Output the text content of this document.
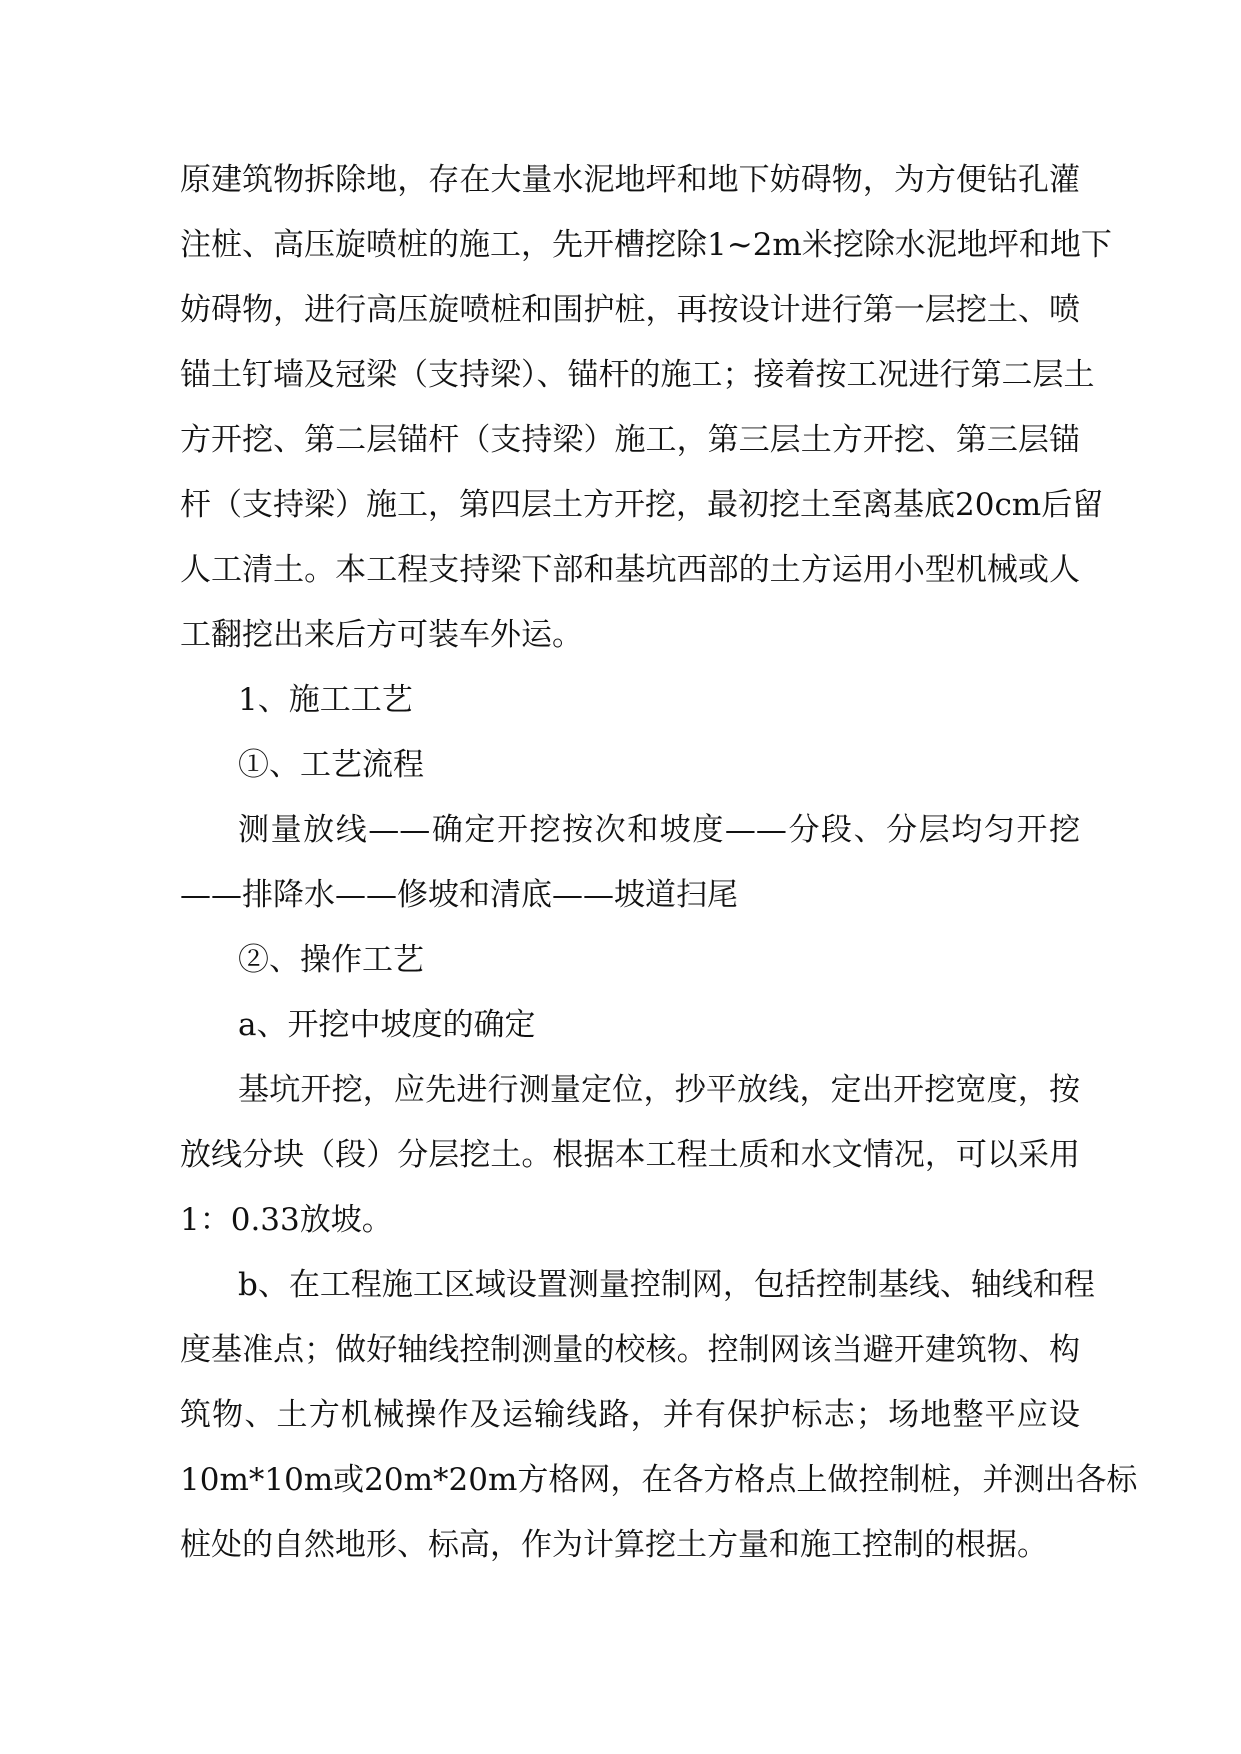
原建筑物拆除地，存在大量水泥地坪和地下妨碍物，为方便钻孔灌
注桩、高压旋喷桩的施工，先开槽挖除1~2m米挖除水泥地坪和地下
妨碍物，进行高压旋喷桩和围护桩，再按设计进行第一层挖土、喷
锚土钉墙及冠梁（支持梁）、锚杆的施工；接着按工况进行第二层土
方开挖、第二层锚杆（支持梁）施工，第三层土方开挖、第三层锚
杆（支持梁）施工，第四层土方开挖，最初挖土至离基底20cm后留
人工清土。本工程支持梁下部和基坑西部的土方运用小型机械或人
工翻挖出来后方可装车外运。
1、施工工艺
①、工艺流程
测量放线——确定开挖按次和坡度——分段、分层均匀开挖
——排降水——修坡和清底——坡道扫尾
②、操作工艺
a、开挖中坡度的确定
基坑开挖，应先进行测量定位，抄平放线，定出开挖宽度，按
放线分块（段）分层挖土。根据本工程土质和水文情况，可以采用
1：0.33放坡。
b、在工程施工区域设置测量控制网，包括控制基线、轴线和程
度基准点；做好轴线控制测量的校核。控制网该当避开建筑物、构
筑物、土方机械操作及运输线路，并有保护标志；场地整平应设
10m*10m或20m*20m方格网，在各方格点上做控制桩，并测出各标
桩处的自然地形、标高，作为计算挖土方量和施工控制的根据。
